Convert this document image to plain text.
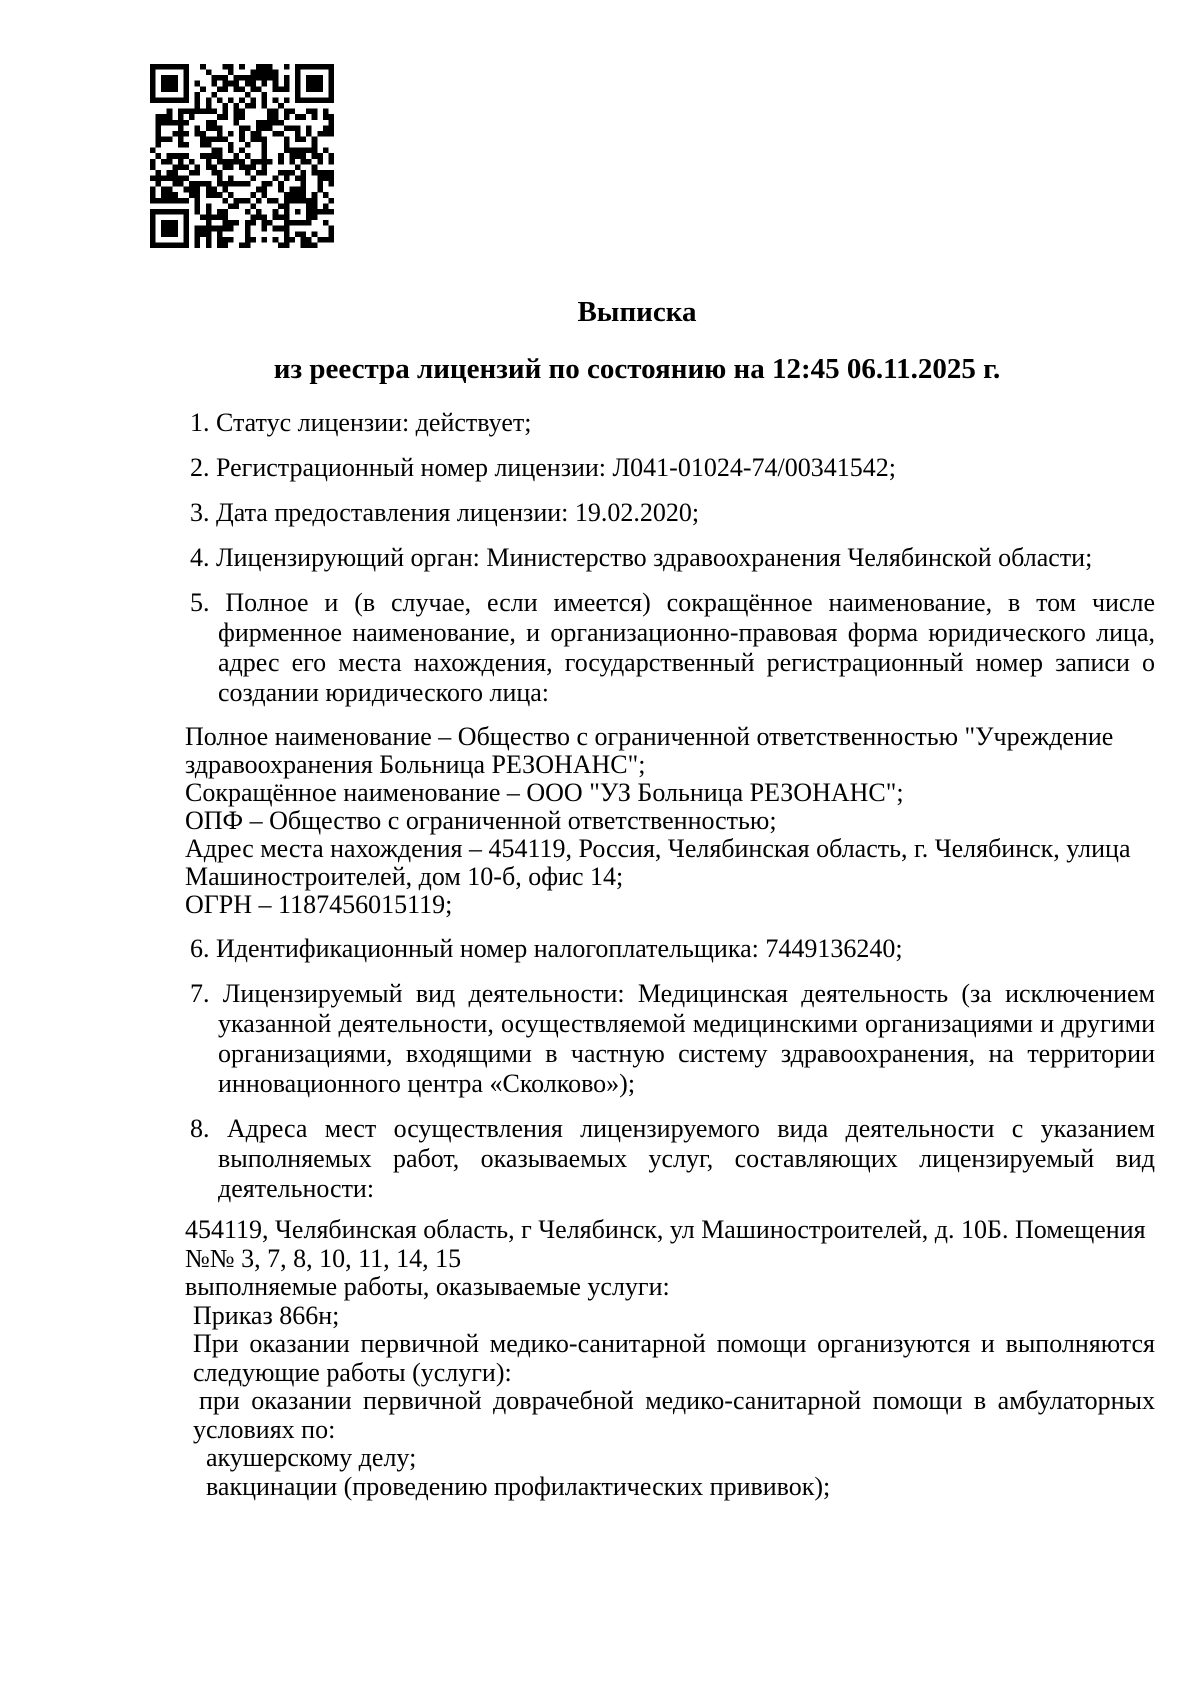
Выписка
из реестра лицензий по состоянию на 12:45 06.11.2025 г.

1. Статус лицензии: действует;

2. Регистрационный номер лицензии: Л041-01024-74/00341542;

3. Дата предоставления лицензии: 19.02.2020;

4. Лицензирующий орган: Министерство здравоохранения Челябинской области;

5. Полное и (в случае, если имеется) сокращённое наименование, в том числе фирменное наименование, и организационно-правовая форма юридического лица, адрес его места нахождения, государственный регистрационный номер записи о создании юридического лица:

Полное наименование – Общество с ограниченной ответственностью "Учреждение здравоохранения Больница РЕЗОНАНС";

Сокращённое наименование – ООО "УЗ Больница РЕЗОНАНС";

ОПФ – Общество с ограниченной ответственностью;

Адрес места нахождения – 454119, Россия, Челябинская область, г. Челябинск, улица Машиностроителей, дом 10-б, офис 14;

ОГРН – 1187456015119;

6. Идентификационный номер налогоплательщика: 7449136240;

7. Лицензируемый вид деятельности: Медицинская деятельность (за исключением указанной деятельности, осуществляемой медицинскими организациями и другими организациями, входящими в частную систему здравоохранения, на территории инновационного центра «Сколково»);

8. Адреса мест осуществления лицензируемого вида деятельности с указанием выполняемых работ, оказываемых услуг, составляющих лицензируемый вид деятельности:

454119, Челябинская область, г Челябинск, ул Машиностроителей, д. 10Б. Помещения

№№ 3, 7, 8, 10, 11, 14, 15

выполняемые работы, оказываемые услуги:

Приказ 866н;

При оказании первичной медико-санитарной помощи организуются и выполняются следующие работы (услуги):

при оказании первичной доврачебной медико-санитарной помощи в амбулаторных условиях по:

акушерскому делу;

вакцинации (проведению профилактических прививок);
